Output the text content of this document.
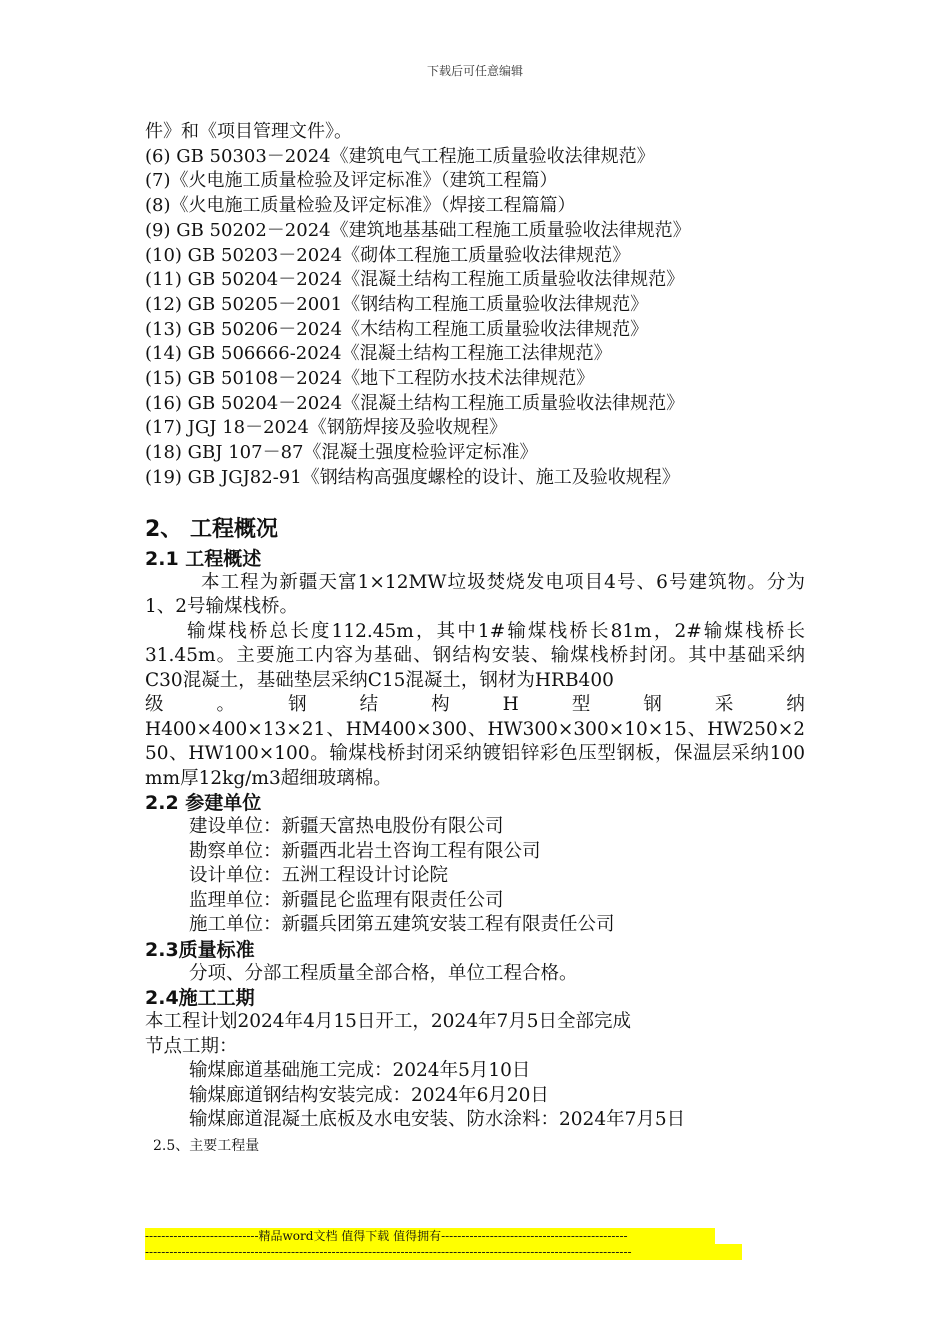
下载后可任意编辑
件》和《项目管理文件》。
(6) GB 50303－2024《建筑电气工程施工质量验收法律规范》
(7)《火电施工质量检验及评定标准》（建筑工程篇）
(8)《火电施工质量检验及评定标准》（焊接工程篇篇）
(9) GB 50202－2024《建筑地基基础工程施工质量验收法律规范》
(10) GB 50203－2024《砌体工程施工质量验收法律规范》
(11) GB 50204－2024《混凝土结构工程施工质量验收法律规范》
(12) GB 50205－2001《钢结构工程施工质量验收法律规范》
(13) GB 50206－2024《木结构工程施工质量验收法律规范》
(14) GB 506666-2024《混凝土结构工程施工法律规范》
(15) GB 50108－2024《地下工程防水技术法律规范》
(16) GB 50204－2024《混凝土结构工程施工质量验收法律规范》
(17) JGJ 18－2024《钢筋焊接及验收规程》
(18) GBJ 107－87《混凝土强度检验评定标准》
(19) GB JGJ82-91《钢结构高强度螺栓的设计、施工及验收规程》
2、 工程概况
2.1 工程概述
本工程为新疆天富1×12MW垃圾焚烧发电项目4号、6号建筑物。分为1、2号输煤栈桥。
输煤栈桥总长度112.45m，其中1#输煤栈桥长81m，2#输煤栈桥长31.45m。主要施工内容为基础、钢结构安装、输煤栈桥封闭。其中基础采纳C30混凝土，基础垫层采纳C15混凝土，钢材为HRB400
级	。	钢	结	构	H	型	钢	采	纳
H400×400×13×21、HM400×300、HW300×300×10×15、HW250×250、HW100×100。输煤栈桥封闭采纳镀铝锌彩色压型钢板，保温层采纳100mm厚12kg/m3超细玻璃棉。
2.2 参建单位
建设单位：新疆天富热电股份有限公司
勘察单位：新疆西北岩土咨询工程有限公司
设计单位：五洲工程设计讨论院
监理单位：新疆昆仑监理有限责任公司
施工单位：新疆兵团第五建筑安装工程有限责任公司
2.3质量标准
分项、分部工程质量全部合格，单位工程合格。
2.4施工工期
本工程计划2024年4月15日开工，2024年7月5日全部完成
节点工期：
输煤廊道基础施工完成：2024年5月10日
输煤廊道钢结构安装完成：2024年6月20日
输煤廊道混凝土底板及水电安装、防水涂料：2024年7月5日
2.5、主要工程量
----------------------------精品word文档 值得下载 值得拥有----------------------------------------------
------------------------------------------------------------------------------------------------------------------------
